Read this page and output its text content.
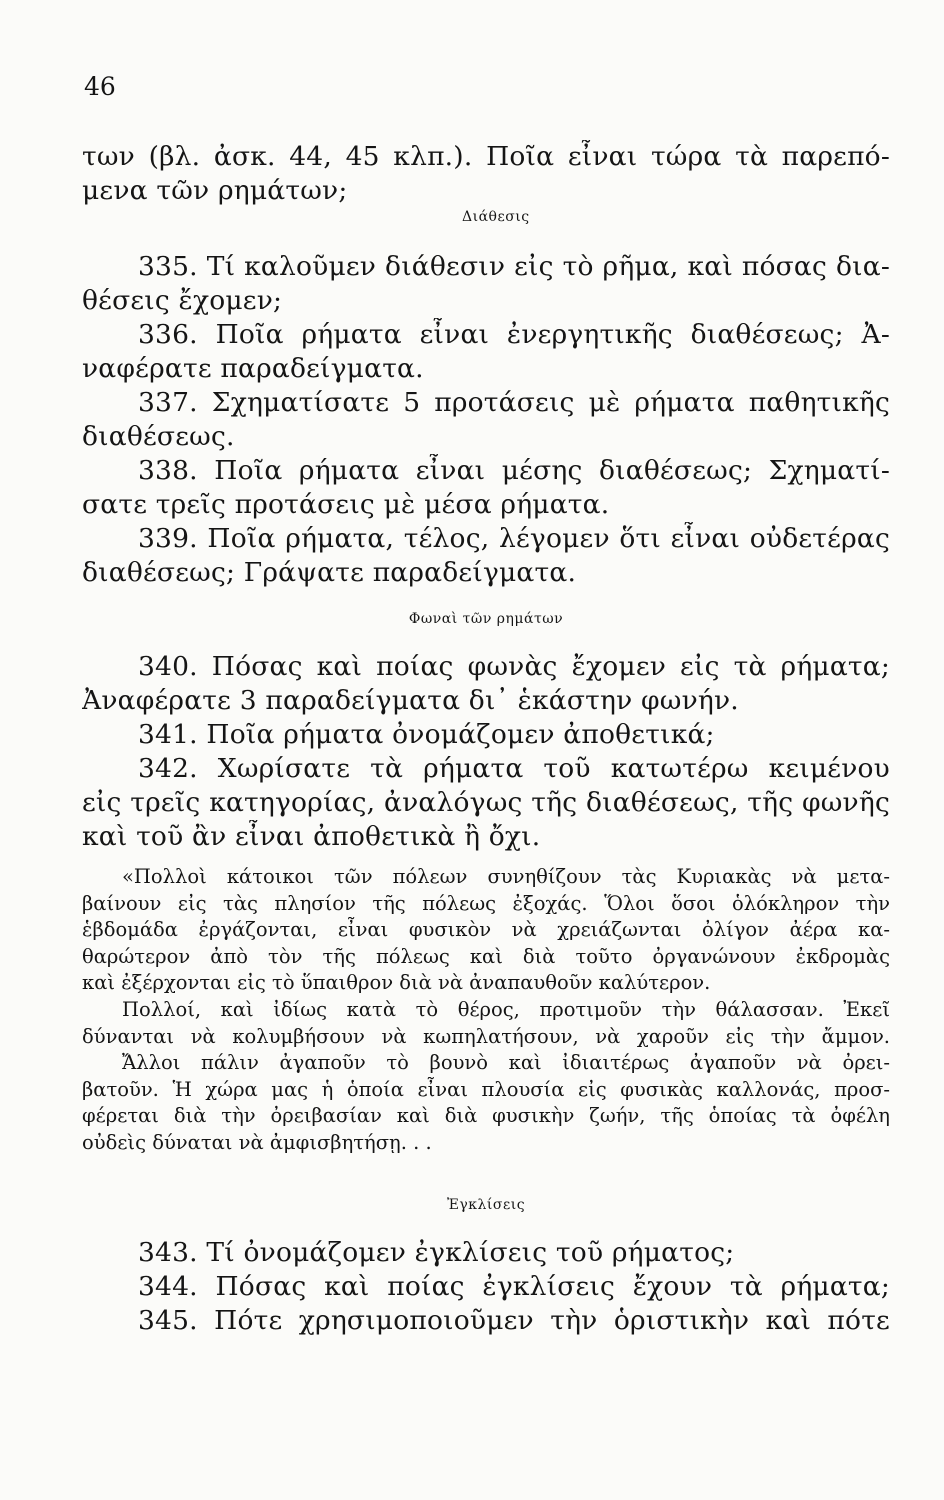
46
των (βλ. ἀσκ. 44, 45 κλπ.). Ποῖα εἶναι τώρα τὰ παρεπό-
μενα τῶν ρημάτων;
Διάθεσις
335. Τί καλοῦμεν διάθεσιν εἰς τὸ ρῆμα, καὶ πόσας δια-
θέσεις ἔχομεν;
336. Ποῖα ρήματα εἶναι ἐνεργητικῆς διαθέσεως; Ἀ-
ναφέρατε παραδείγματα.
337. Σχηματίσατε 5 προτάσεις μὲ ρήματα παθητικῆς
διαθέσεως.
338. Ποῖα ρήματα εἶναι μέσης διαθέσεως; Σχηματί-
σατε τρεῖς προτάσεις μὲ μέσα ρήματα.
339. Ποῖα ρήματα, τέλος, λέγομεν ὅτι εἶναι οὐδετέρας
διαθέσεως; Γράψατε παραδείγματα.
Φωναὶ τῶν ρημάτων
340. Πόσας καὶ ποίας φωνὰς ἔχομεν εἰς τὰ ρήματα;
Ἀναφέρατε 3 παραδείγματα δι᾽ ἑκάστην φωνήν.
341. Ποῖα ρήματα ὀνομάζομεν ἀποθετικά;
342. Χωρίσατε τὰ ρήματα τοῦ κατωτέρω κειμένου
εἰς τρεῖς κατηγορίας, ἀναλόγως τῆς διαθέσεως, τῆς φωνῆς
καὶ τοῦ ἂν εἶναι ἀποθετικὰ ἢ ὄχι.
«Πολλοὶ κάτοικοι τῶν πόλεων συνηθίζουν τὰς Κυριακὰς νὰ μετα-
βαίνουν εἰς τὰς πλησίον τῆς πόλεως ἐξοχάς. Ὅλοι ὅσοι ὁλόκληρον τὴν
ἑβδομάδα ἐργάζονται, εἶναι φυσικὸν νὰ χρειάζωνται ὀλίγον ἀέρα κα-
θαρώτερον ἀπὸ τὸν τῆς πόλεως καὶ διὰ τοῦτο ὀργανώνουν ἐκδρομὰς
καὶ ἐξέρχονται εἰς τὸ ὕπαιθρον διὰ νὰ ἀναπαυθοῦν καλύτερον.
Πολλοί, καὶ ἰδίως κατὰ τὸ θέρος, προτιμοῦν τὴν θάλασσαν. Ἐκεῖ
δύνανται νὰ κολυμβήσουν νὰ κωπηλατήσουν, νὰ χαροῦν εἰς τὴν ἄμμον.
Ἄλλοι πάλιν ἀγαποῦν τὸ βουνὸ καὶ ἰδιαιτέρως ἀγαποῦν νὰ ὀρει-
βατοῦν. Ἡ χώρα μας ἡ ὁποία εἶναι πλουσία εἰς φυσικὰς καλλονάς, προσ-
φέρεται διὰ τὴν ὀρειβασίαν καὶ διὰ φυσικὴν ζωήν, τῆς ὁποίας τὰ ὀφέλη
οὐδεὶς δύναται νὰ ἀμφισβητήσῃ. . .
Ἐγκλίσεις
343. Τί ὀνομάζομεν ἐγκλίσεις τοῦ ρήματος;
344. Πόσας καὶ ποίας ἐγκλίσεις ἔχουν τὰ ρήματα;
345. Πότε χρησιμοποιοῦμεν τὴν ὁριστικὴν καὶ πότε
